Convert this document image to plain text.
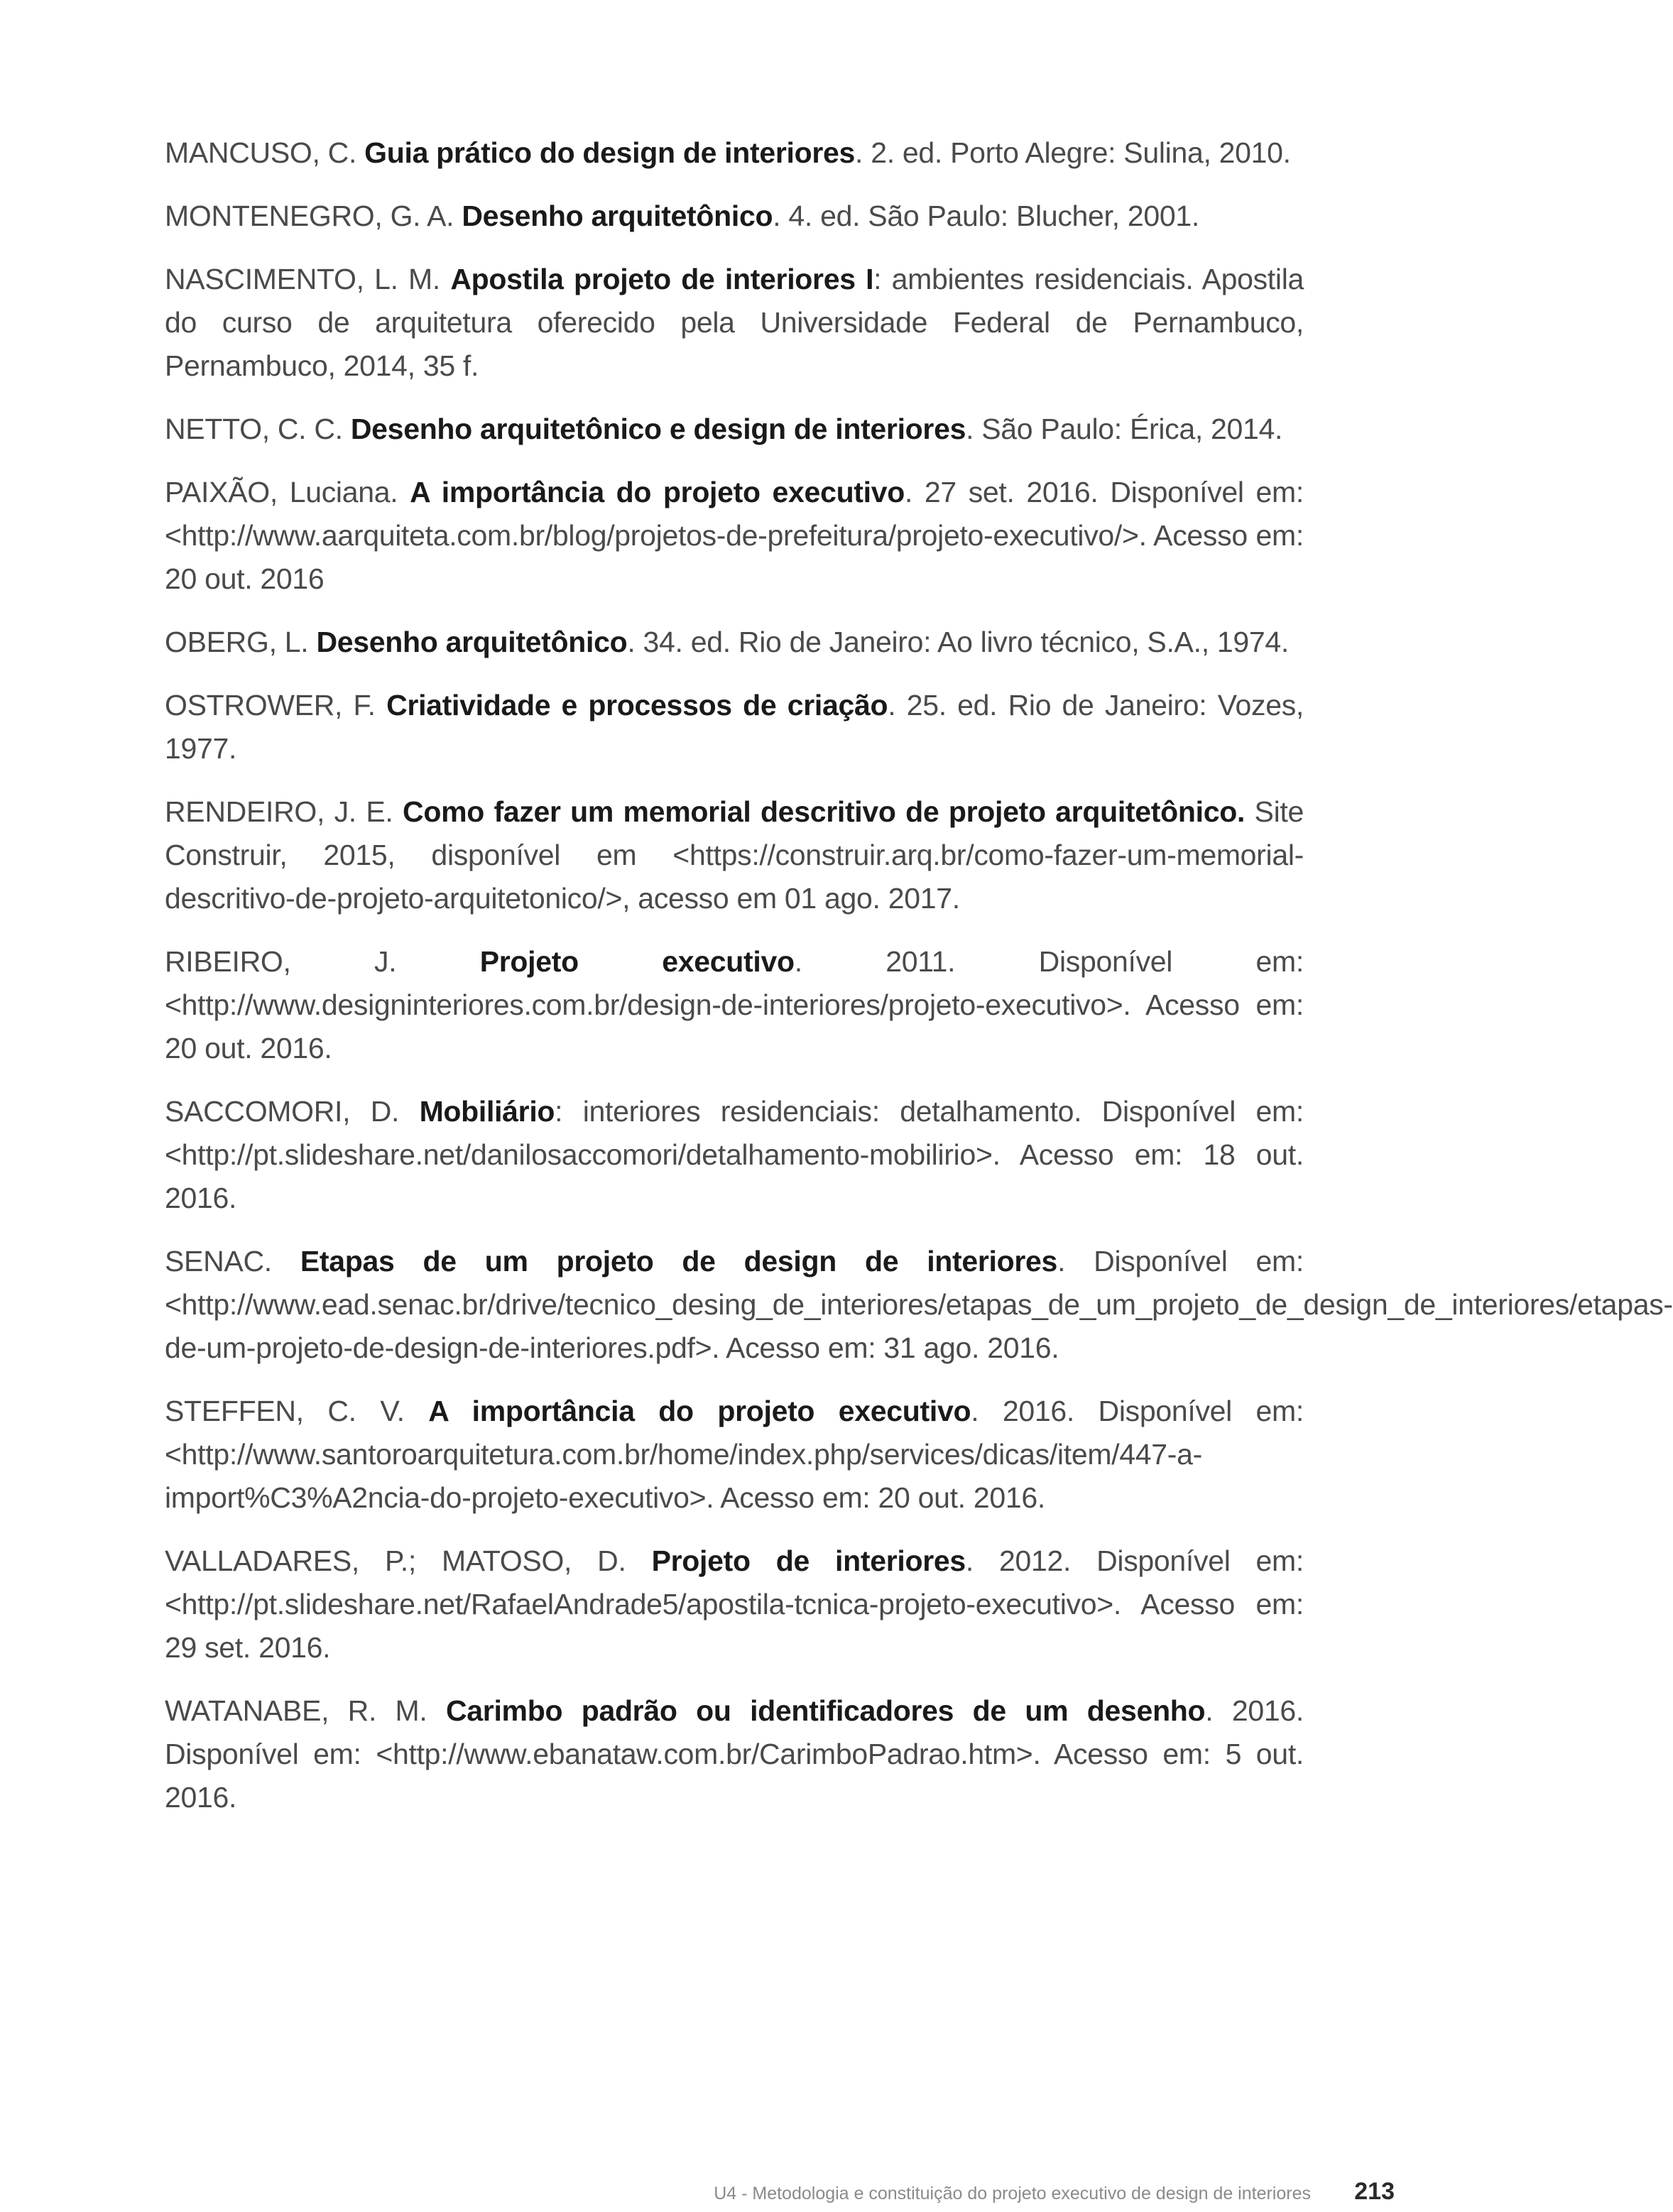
MANCUSO, C. Guia prático do design de interiores. 2. ed. Porto Alegre: Sulina, 2010.

MONTENEGRO, G. A. Desenho arquitetônico. 4. ed. São Paulo: Blucher, 2001.

NASCIMENTO, L. M. Apostila projeto de interiores I: ambientes residenciais. Apostila do curso de arquitetura oferecido pela Universidade Federal de Pernambuco, Pernambuco, 2014, 35 f.

NETTO, C. C. Desenho arquitetônico e design de interiores. São Paulo: Érica, 2014.

PAIXÃO, Luciana. A importância do projeto executivo. 27 set. 2016. Disponível em: <http://www.aarquiteta.com.br/blog/projetos-de-prefeitura/projeto-executivo/>. Acesso em: 20 out. 2016

OBERG, L. Desenho arquitetônico. 34. ed. Rio de Janeiro: Ao livro técnico, S.A., 1974.

OSTROWER, F. Criatividade e processos de criação. 25. ed. Rio de Janeiro: Vozes, 1977.

RENDEIRO, J. E. Como fazer um memorial descritivo de projeto arquitetônico. Site Construir, 2015, disponível em <https://construir.arq.br/como-fazer-um-memorial-descritivo-de-projeto-arquitetonico/>, acesso em 01 ago. 2017.

RIBEIRO, J. Projeto executivo. 2011. Disponível em: <http://www.designinteriores.com.br/design-de-interiores/projeto-executivo>. Acesso em: 20 out. 2016.

SACCOMORI, D. Mobiliário: interiores residenciais: detalhamento. Disponível em: <http://pt.slideshare.net/danilosaccomori/detalhamento-mobilirio>. Acesso em: 18 out. 2016.

SENAC. Etapas de um projeto de design de interiores. Disponível em: <http://www.ead.senac.br/drive/tecnico_desing_de_interiores/etapas_de_um_projeto_de_design_de_interiores/etapas-de-um-projeto-de-design-de-interiores.pdf>. Acesso em: 31 ago. 2016.

STEFFEN, C. V. A importância do projeto executivo. 2016. Disponível em: <http://www.santoroarquitetura.com.br/home/index.php/services/dicas/item/447-a-import%C3%A2ncia-do-projeto-executivo>. Acesso em: 20 out. 2016.

VALLADARES, P.; MATOSO, D. Projeto de interiores. 2012. Disponível em: <http://pt.slideshare.net/RafaelAndrade5/apostila-tcnica-projeto-executivo>. Acesso em: 29 set. 2016.

WATANABE, R. M. Carimbo padrão ou identificadores de um desenho. 2016. Disponível em: <http://www.ebanataw.com.br/CarimboPadrao.htm>. Acesso em: 5 out. 2016.

U4 - Metodologia e constituição do projeto executivo de design de interiores 213
